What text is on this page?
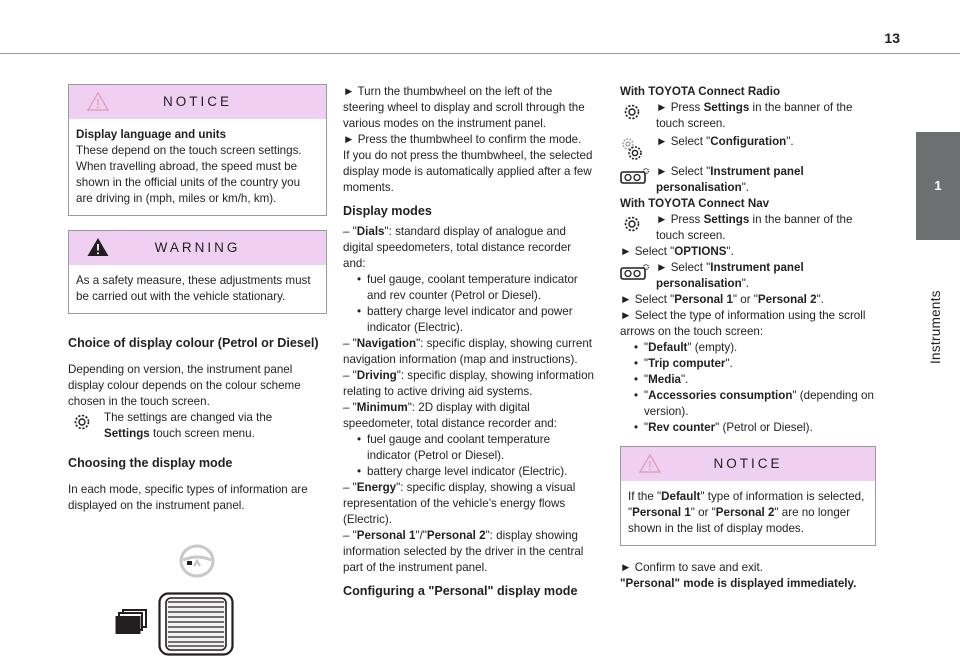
13
1
Instruments
NOTICE

Display language and units

These depend on the touch screen settings. When travelling abroad, the speed must be shown in the official units of the country you are driving in (mph, miles or km/h, km).

WARNING

As a safety measure, these adjustments must be carried out with the vehicle stationary.

Choice of display colour (Petrol or Diesel)

Depending on version, the instrument panel display colour depends on the colour scheme chosen in the touch screen.

The settings are changed via the
Settings touch screen menu.

Choosing the display mode

In each mode, specific types of information are displayed on the instrument panel.

► Turn the thumbwheel on the left of the steering wheel to display and scroll through the various modes on the instrument panel.

► Press the thumbwheel to confirm the mode.

If you do not press the thumbwheel, the selected display mode is automatically applied after a few moments.

Display modes

– "Dials": standard display of analogue and digital speedometers, total distance recorder and:

• fuel gauge, coolant temperature indicator and rev counter (Petrol or Diesel).

• battery charge level indicator and power indicator (Electric).

– "Navigation": specific display, showing current navigation information (map and instructions).

– "Driving": specific display, showing information relating to active driving aid systems.

– "Minimum": 2D display with digital speedometer, total distance recorder and:

• fuel gauge and coolant temperature indicator (Petrol or Diesel).

• battery charge level indicator (Electric).

– "Energy": specific display, showing a visual representation of the vehicle’s energy flows (Electric).

– "Personal 1"/"Personal 2": display showing information selected by the driver in the central part of the instrument panel.

Configuring a "Personal" display mode

With TOYOTA Connect Radio

► Press Settings in the banner of the touch screen.

► Select "Configuration".

► Select "Instrument panel personalisation".

With TOYOTA Connect Nav

► Press Settings in the banner of the touch screen.

► Select "OPTIONS".

► Select "Instrument panel personalisation".

► Select "Personal 1" or "Personal 2".

► Select the type of information using the scroll arrows on the touch screen:

• "Default" (empty).

• "Trip computer".

• "Media".

• "Accessories consumption" (depending on version).

• "Rev counter" (Petrol or Diesel).

NOTICE

If the "Default" type of information is selected, "Personal 1" or "Personal 2" are no longer shown in the list of display modes.

► Confirm to save and exit.

"Personal" mode is displayed immediately.
